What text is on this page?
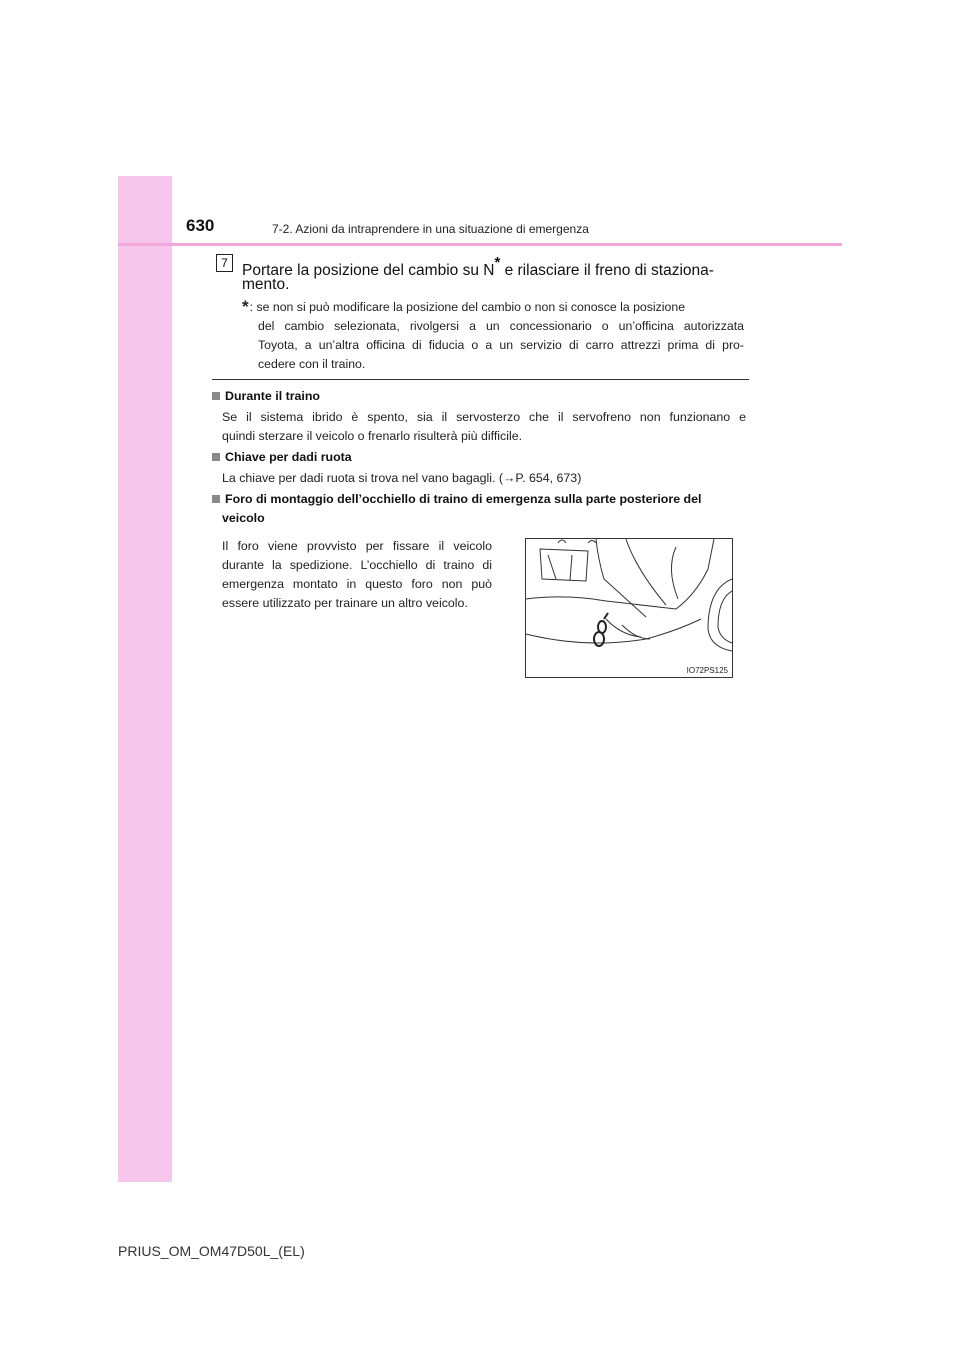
630	7-2. Azioni da intraprendere in una situazione di emergenza
7 Portare la posizione del cambio su N* e rilasciare il freno di staziona-
mento.
*: se non si può modificare la posizione del cambio o non si conosce la posizione
del cambio selezionata, rivolgersi a un concessionario o un’officina autorizzata
Toyota, a un’altra officina di fiducia o a un servizio di carro attrezzi prima di pro-
cedere con il traino.
Durante il traino
Se il sistema ibrido è spento, sia il servosterzo che il servofreno non funzionano e
quindi sterzare il veicolo o frenarlo risulterà più difficile.
Chiave per dadi ruota
La chiave per dadi ruota si trova nel vano bagagli. (→P. 654, 673)
Foro di montaggio dell’occhiello di traino di emergenza sulla parte posteriore del
veicolo
Il foro viene provvisto per fissare il veicolo
durante la spedizione. L’occhiello di traino di
emergenza montato in questo foro non può
essere utilizzato per trainare un altro veicolo.
IO72PS125
PRIUS_OM_OM47D50L_(EL)
